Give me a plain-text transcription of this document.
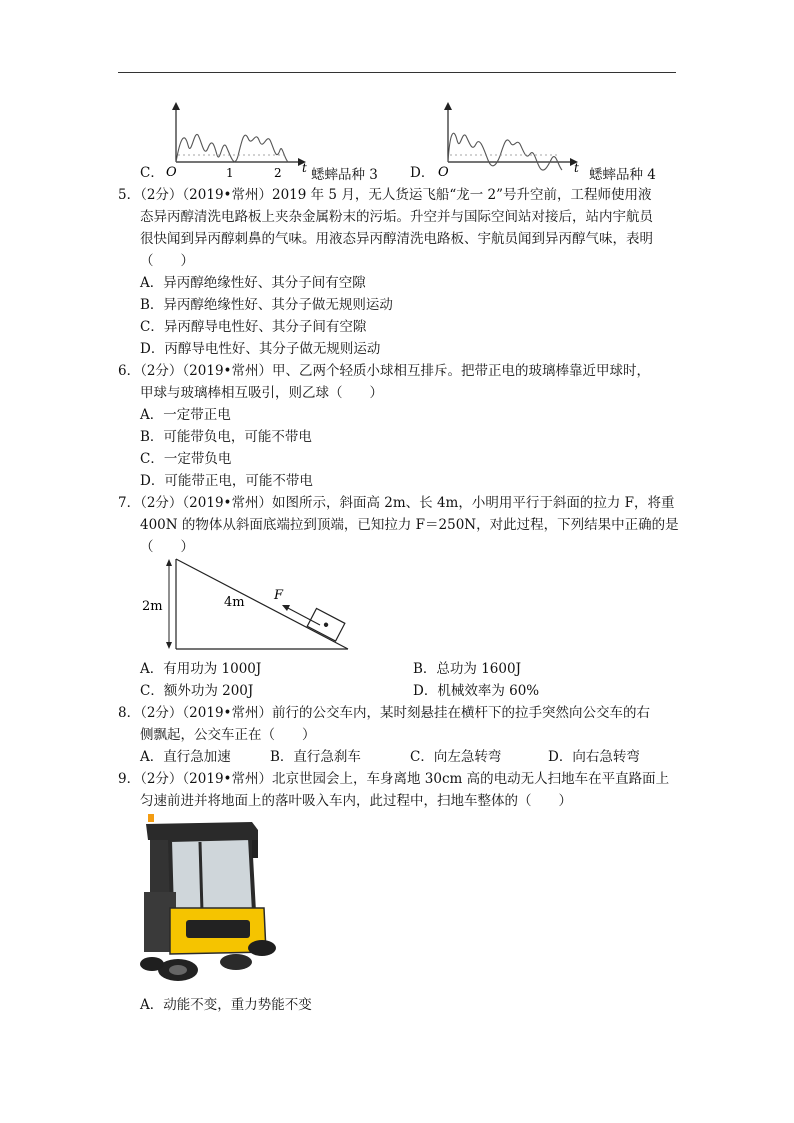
C． O	1	2 t 蟋蟀品种 3 D． O	t 蟋蟀品种 4
5．（2分）（2019•常州）2019 年 5 月，无人货运飞船“龙一 2”号升空前，工程师使用液
态异丙醇清洗电路板上夹杂金属粉末的污垢。升空并与国际空间站对接后，站内宇航员
很快闻到异丙醇刺鼻的气味。用液态异丙醇清洗电路板、宇航员闻到异丙醇气味，表明
（　　）
A．异丙醇绝缘性好、其分子间有空隙
B．异丙醇绝缘性好、其分子做无规则运动
C．异丙醇导电性好、其分子间有空隙
D．丙醇导电性好、其分子做无规则运动
6．（2分）（2019•常州）甲、乙两个轻质小球相互排斥。把带正电的玻璃棒靠近甲球时，
甲球与玻璃棒相互吸引，则乙球（　　）
A．一定带正电
B．可能带负电，可能不带电
C．一定带负电
D．可能带正电，可能不带电
7．（2分）（2019•常州）如图所示，斜面高 2m、长 4m，小明用平行于斜面的拉力 F，将重
400N 的物体从斜面底端拉到顶端，已知拉力 F＝250N，对此过程，下列结果中正确的是
（　　）
2m	4m F
A．有用功为 1000J	B．总功为 1600J
C．额外功为 200J	D．机械效率为 60%
8．（2分）（2019•常州）前行的公交车内，某时刻悬挂在横杆下的拉手突然向公交车的右
侧飘起，公交车正在（　　）
A．直行急加速	B．直行急刹车	C．向左急转弯	D．向右急转弯
9．（2分）（2019•常州）北京世园会上，车身离地 30cm 高的电动无人扫地车在平直路面上
匀速前进并将地面上的落叶吸入车内，此过程中，扫地车整体的（　　）
A．动能不变，重力势能不变
